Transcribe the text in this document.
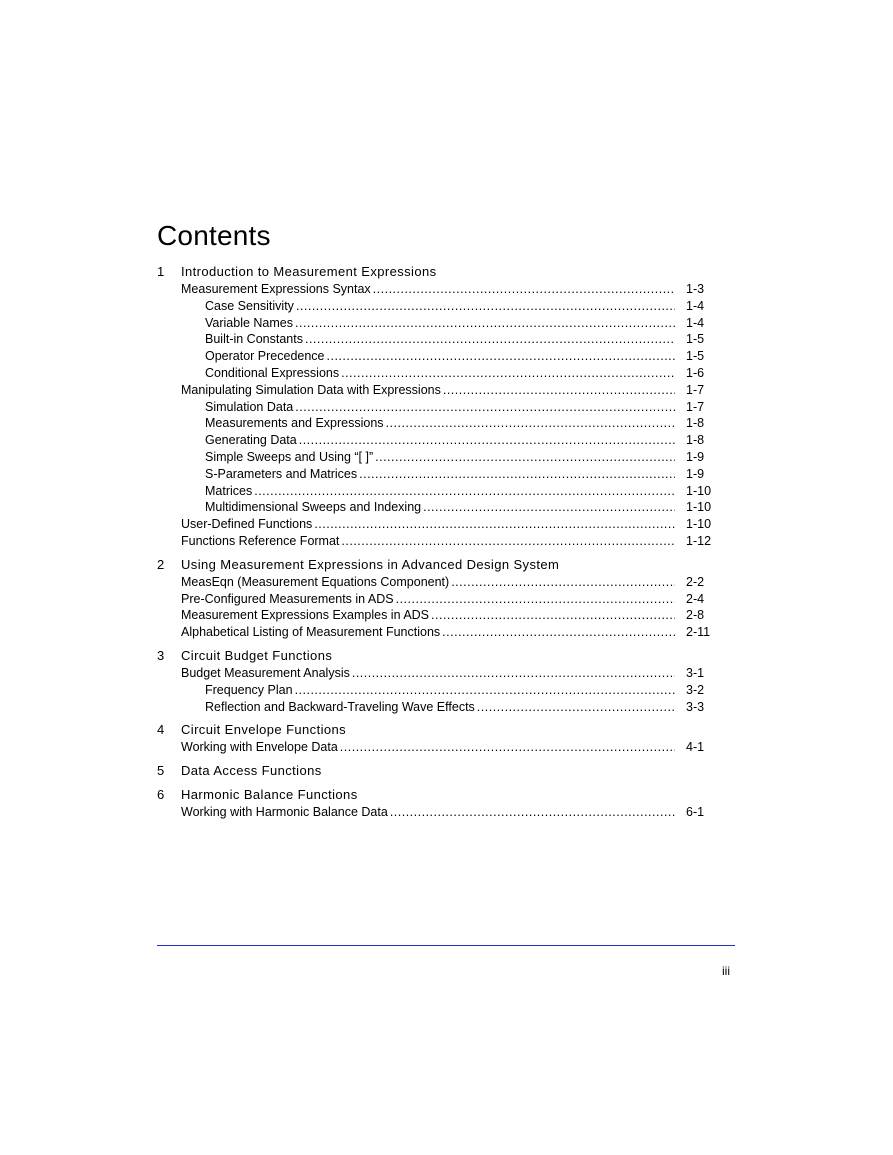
Contents
1 Introduction to Measurement Expressions
Measurement Expressions Syntax .....	1-3
Case Sensitivity .....	1-4
Variable Names .....	1-4
Built-in Constants .....	1-5
Operator Precedence .....	1-5
Conditional Expressions .....	1-6
Manipulating Simulation Data with Expressions .....	1-7
Simulation Data .....	1-7
Measurements and Expressions .....	1-8
Generating Data .....	1-8
Simple Sweeps and Using “[ ]” .....	1-9
S-Parameters and Matrices .....	1-9
Matrices .....	1-10
Multidimensional Sweeps and Indexing .....	1-10
User-Defined Functions .....	1-10
Functions Reference Format .....	1-12
2 Using Measurement Expressions in Advanced Design System
MeasEqn (Measurement Equations Component) .....	2-2
Pre-Configured Measurements in ADS .....	2-4
Measurement Expressions Examples in ADS .....	2-8
Alphabetical Listing of Measurement Functions .....	2-11
3 Circuit Budget Functions
Budget Measurement Analysis .....	3-1
Frequency Plan .....	3-2
Reflection and Backward-Traveling Wave Effects .....	3-3
4 Circuit Envelope Functions
Working with Envelope Data .....	4-1
5 Data Access Functions
6 Harmonic Balance Functions
Working with Harmonic Balance Data .....	6-1
iii
